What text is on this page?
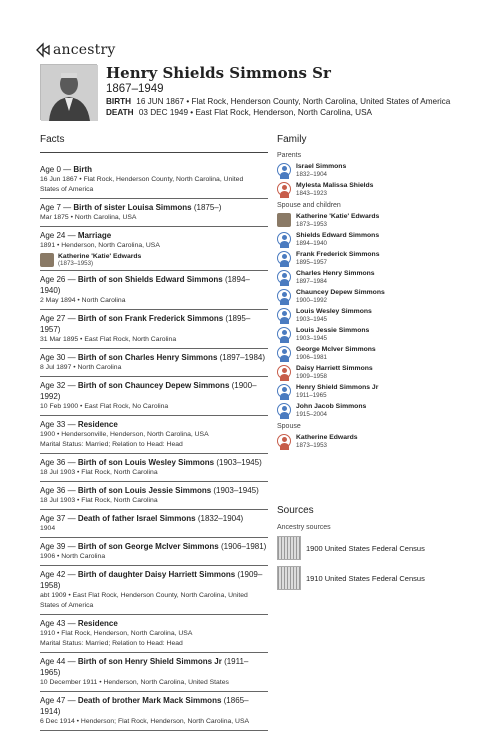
ancestry
Henry Shields Simmons Sr
1867–1949
BIRTH 16 JUN 1867 • Flat Rock, Henderson County, North Carolina, United States of America
DEATH 03 DEC 1949 • East Flat Rock, Henderson, North Carolina, USA
Facts
Age 0 — Birth
16 Jun 1867 • Flat Rock, Henderson County, North Carolina, United
States of America
Age 7 — Birth of sister Louisa Simmons (1875–)
Mar 1875 • North Carolina, USA
Age 24 — Marriage
1891 • Henderson, North Carolina, USA
Katherine 'Katie' Edwards
(1873–1953)
Age 26 — Birth of son Shields Edward Simmons (1894–1940)
2 May 1894 • North Carolina
Age 27 — Birth of son Frank Frederick Simmons (1895–1957)
31 Mar 1895 • East Flat Rock, North Carolina
Age 30 — Birth of son Charles Henry Simmons (1897–1984)
8 Jul 1897 • North Carolina
Age 32 — Birth of son Chauncey Depew Simmons (1900–1992)
10 Feb 1900 • East Flat Rock, No Carolina
Age 33 — Residence
1900 • Hendersonville, Henderson, North Carolina, USA
Marital Status: Married; Relation to Head: Head
Age 36 — Birth of son Louis Wesley Simmons (1903–1945)
18 Jul 1903 • Flat Rock, North Carolina
Age 36 — Birth of son Louis Jessie Simmons (1903–1945)
18 Jul 1903 • Flat Rock, North Carolina
Age 37 — Death of father Israel Simmons (1832–1904)
1904
Age 39 — Birth of son George McIver Simmons (1906–1981)
1906 • North Carolina
Age 42 — Birth of daughter Daisy Harriett Simmons (1909–1958)
abt 1909 • East Flat Rock, Henderson County, North Carolina, United
States of America
Age 43 — Residence
1910 • Flat Rock, Henderson, North Carolina, USA
Marital Status: Married; Relation to Head: Head
Age 44 — Birth of son Henry Shield Simmons Jr (1911–1965)
10 December 1911 • Henderson, North Carolina, United States
Age 47 — Death of brother Mark Mack Simmons (1865–1914)
6 Dec 1914 • Henderson; Flat Rock, Henderson, North Carolina, USA
Family
Parents
Israel Simmons
1832–1904
Mylesta Malissa Shields
1843–1923
Spouse and children
Katherine 'Katie' Edwards
1873–1953
Shields Edward Simmons
1894–1940
Frank Frederick Simmons
1895–1957
Charles Henry Simmons
1897–1984
Chauncey Depew Simmons
1900–1992
Louis Wesley Simmons
1903–1945
Louis Jessie Simmons
1903–1945
George McIver Simmons
1906–1981
Daisy Harriett Simmons
1909–1958
Henry Shield Simmons Jr
1911–1965
John Jacob Simmons
1915–2004
Spouse
Katherine Edwards
1873–1953
Sources
Ancestry sources
1900 United States Federal Census
1910 United States Federal Census
